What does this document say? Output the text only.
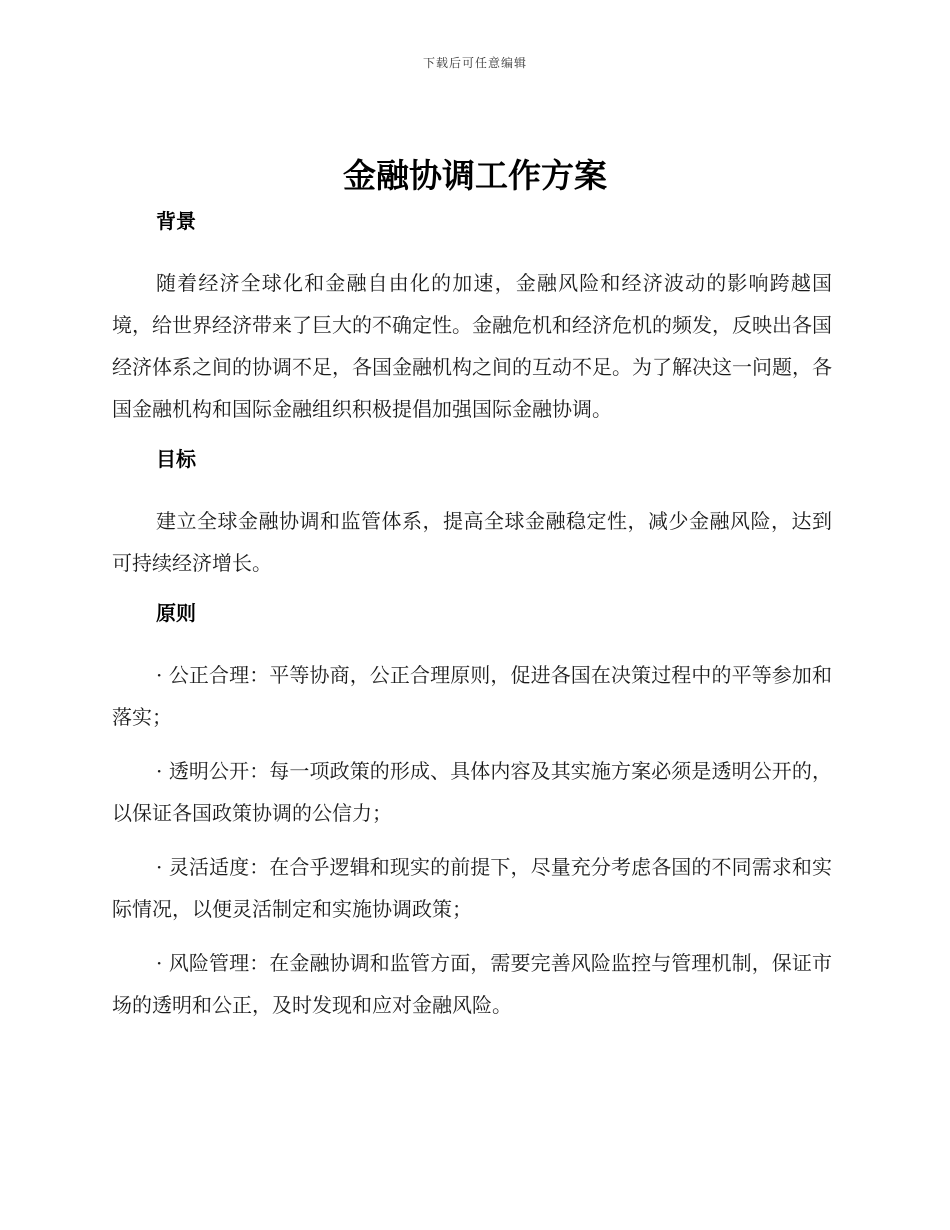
下载后可任意编辑
金融协调工作方案
背景

随着经济全球化和金融自由化的加速，金融风险和经济波动的影响跨越国境，给世界经济带来了巨大的不确定性。金融危机和经济危机的频发，反映出各国经济体系之间的协调不足，各国金融机构之间的互动不足。为了解决这一问题，各国金融机构和国际金融组织积极提倡加强国际金融协调。

目标

建立全球金融协调和监管体系，提高全球金融稳定性，减少金融风险，达到可持续经济增长。

原则

· 公正合理：平等协商，公正合理原则，促进各国在决策过程中的平等参加和落实；

· 透明公开：每一项政策的形成、具体内容及其实施方案必须是透明公开的，以保证各国政策协调的公信力；

· 灵活适度：在合乎逻辑和现实的前提下，尽量充分考虑各国的不同需求和实际情况，以便灵活制定和实施协调政策；

· 风险管理：在金融协调和监管方面，需要完善风险监控与管理机制，保证市场的透明和公正，及时发现和应对金融风险。
